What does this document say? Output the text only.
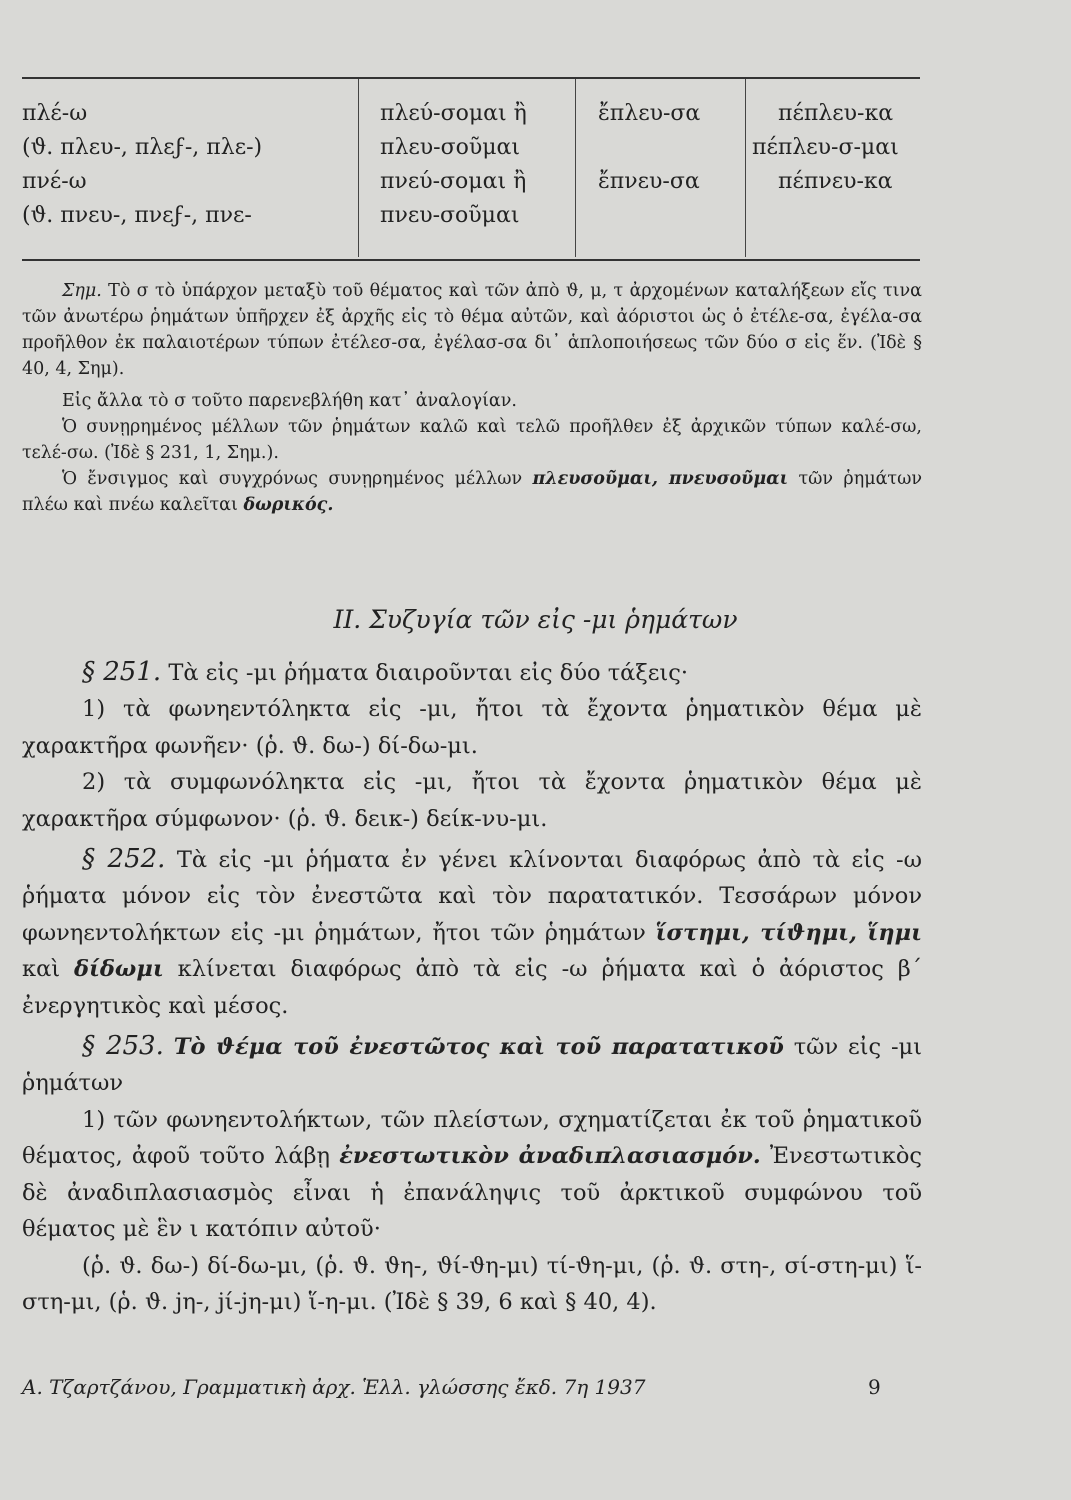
πλέ-ω
(ϑ. πλευ-, πλεϝ-, πλε-)
πνέ-ω
(ϑ. πνευ-, πνεϝ-, πνε-
πλεύ-σομαι ἢ
πλευ-σοῦμαι
πνεύ-σομαι ἢ
πνευ-σοῦμαι
ἔπλευ-σα
ἔπνευ-σα
πέπλευ-κα
πέπλευ-σ-μαι
πέπνευ-κα

Σημ. Τὸ σ τὸ ὑπάρχον μεταξὺ τοῦ θέματος καὶ τῶν ἀπὸ ϑ, μ, τ ἀρχομένων καταλήξεων εἴς τινα τῶν ἀνωτέρω ῥημάτων ὑπῆρχεν ἐξ ἀρχῆς εἰς τὸ θέμα αὐτῶν, καὶ ἀόριστοι ὡς ὁ ἐτέλε-σα, ἐγέλα-σα προῆλθον ἐκ παλαιοτέρων τύπων ἐτέλεσ-σα, ἐγέλασ-σα δι᾽ ἁπλοποιήσεως τῶν δύο σ εἰς ἕν. (Ἰδὲ § 40, 4, Σημ).

Εἰς ἄλλα τὸ σ τοῦτο παρενεβλήθη κατ᾽ ἀναλογίαν.

Ὁ συνῃρημένος μέλλων τῶν ῥημάτων καλῶ καὶ τελῶ προῆλθεν ἐξ ἀρχικῶν τύπων καλέ-σω, τελέ-σω. (Ἰδὲ § 231, 1, Σημ.).

Ὁ ἔνσιγμος καὶ συγχρόνως συνῃρημένος μέλλων πλευσοῦμαι, πνευσοῦμαι τῶν ῥημάτων πλέω καὶ πνέω καλεῖται δωρικός.

ΙΙ. Συζυγία τῶν εἰς -μι ῥημάτων

§ 251. Τὰ εἰς -μι ῥήματα διαιροῦνται εἰς δύο τάξεις·

1) τὰ φωνηεντόληκτα εἰς -μι, ἤτοι τὰ ἔχοντα ῥηματικὸν θέμα μὲ χαρακτῆρα φωνῆεν· (ῥ. ϑ. δω-) δί-δω-μι.

2) τὰ συμφωνόληκτα εἰς -μι, ἤτοι τὰ ἔχοντα ῥηματικὸν θέμα μὲ χαρακτῆρα σύμφωνον· (ῥ. ϑ. δεικ-) δείκ-νυ-μι.

§ 252. Τὰ εἰς -μι ῥήματα ἐν γένει κλίνονται διαφόρως ἀπὸ τὰ εἰς -ω ῥήματα μόνον εἰς τὸν ἐνεστῶτα καὶ τὸν παρατατικόν. Τεσσάρων μόνον φωνηεντολήκτων εἰς -μι ῥημάτων, ἤτοι τῶν ῥημάτων ἵστημι, τίϑημι, ἵημι καὶ δίδωμι κλίνεται διαφόρως ἀπὸ τὰ εἰς -ω ῥήματα καὶ ὁ ἀόριστος β΄ ἐνεργητικὸς καὶ μέσος.

§ 253. Τὸ ϑέμα τοῦ ἐνεστῶτος καὶ τοῦ παρατατικοῦ τῶν εἰς -μι ῥημάτων

1) τῶν φωνηεντολήκτων, τῶν πλείστων, σχηματίζεται ἐκ τοῦ ῥηματικοῦ θέματος, ἀφοῦ τοῦτο λάβῃ ἐνεστωτικὸν ἀναδιπλασιασμόν. Ἐνεστωτικὸς δὲ ἀναδιπλασιασμὸς εἶναι ἡ ἐπανάληψις τοῦ ἀρκτικοῦ συμφώνου τοῦ θέματος μὲ ἓν ι κατόπιν αὐτοῦ·

(ῥ. ϑ. δω-) δί-δω-μι, (ῥ. ϑ. ϑη-, ϑί-ϑη-μι) τί-ϑη-μι, (ῥ. ϑ. στη-, σί-στη-μι) ἵ-στη-μι, (ῥ. ϑ. jη-, jί-jη-μι) ἵ-η-μι. (Ἰδὲ § 39, 6 καὶ § 40, 4).

Α. Τζαρτζάνου, Γραμματικὴ ἀρχ. Ἑλλ. γλώσσης ἔκδ. 7η 1937	9
